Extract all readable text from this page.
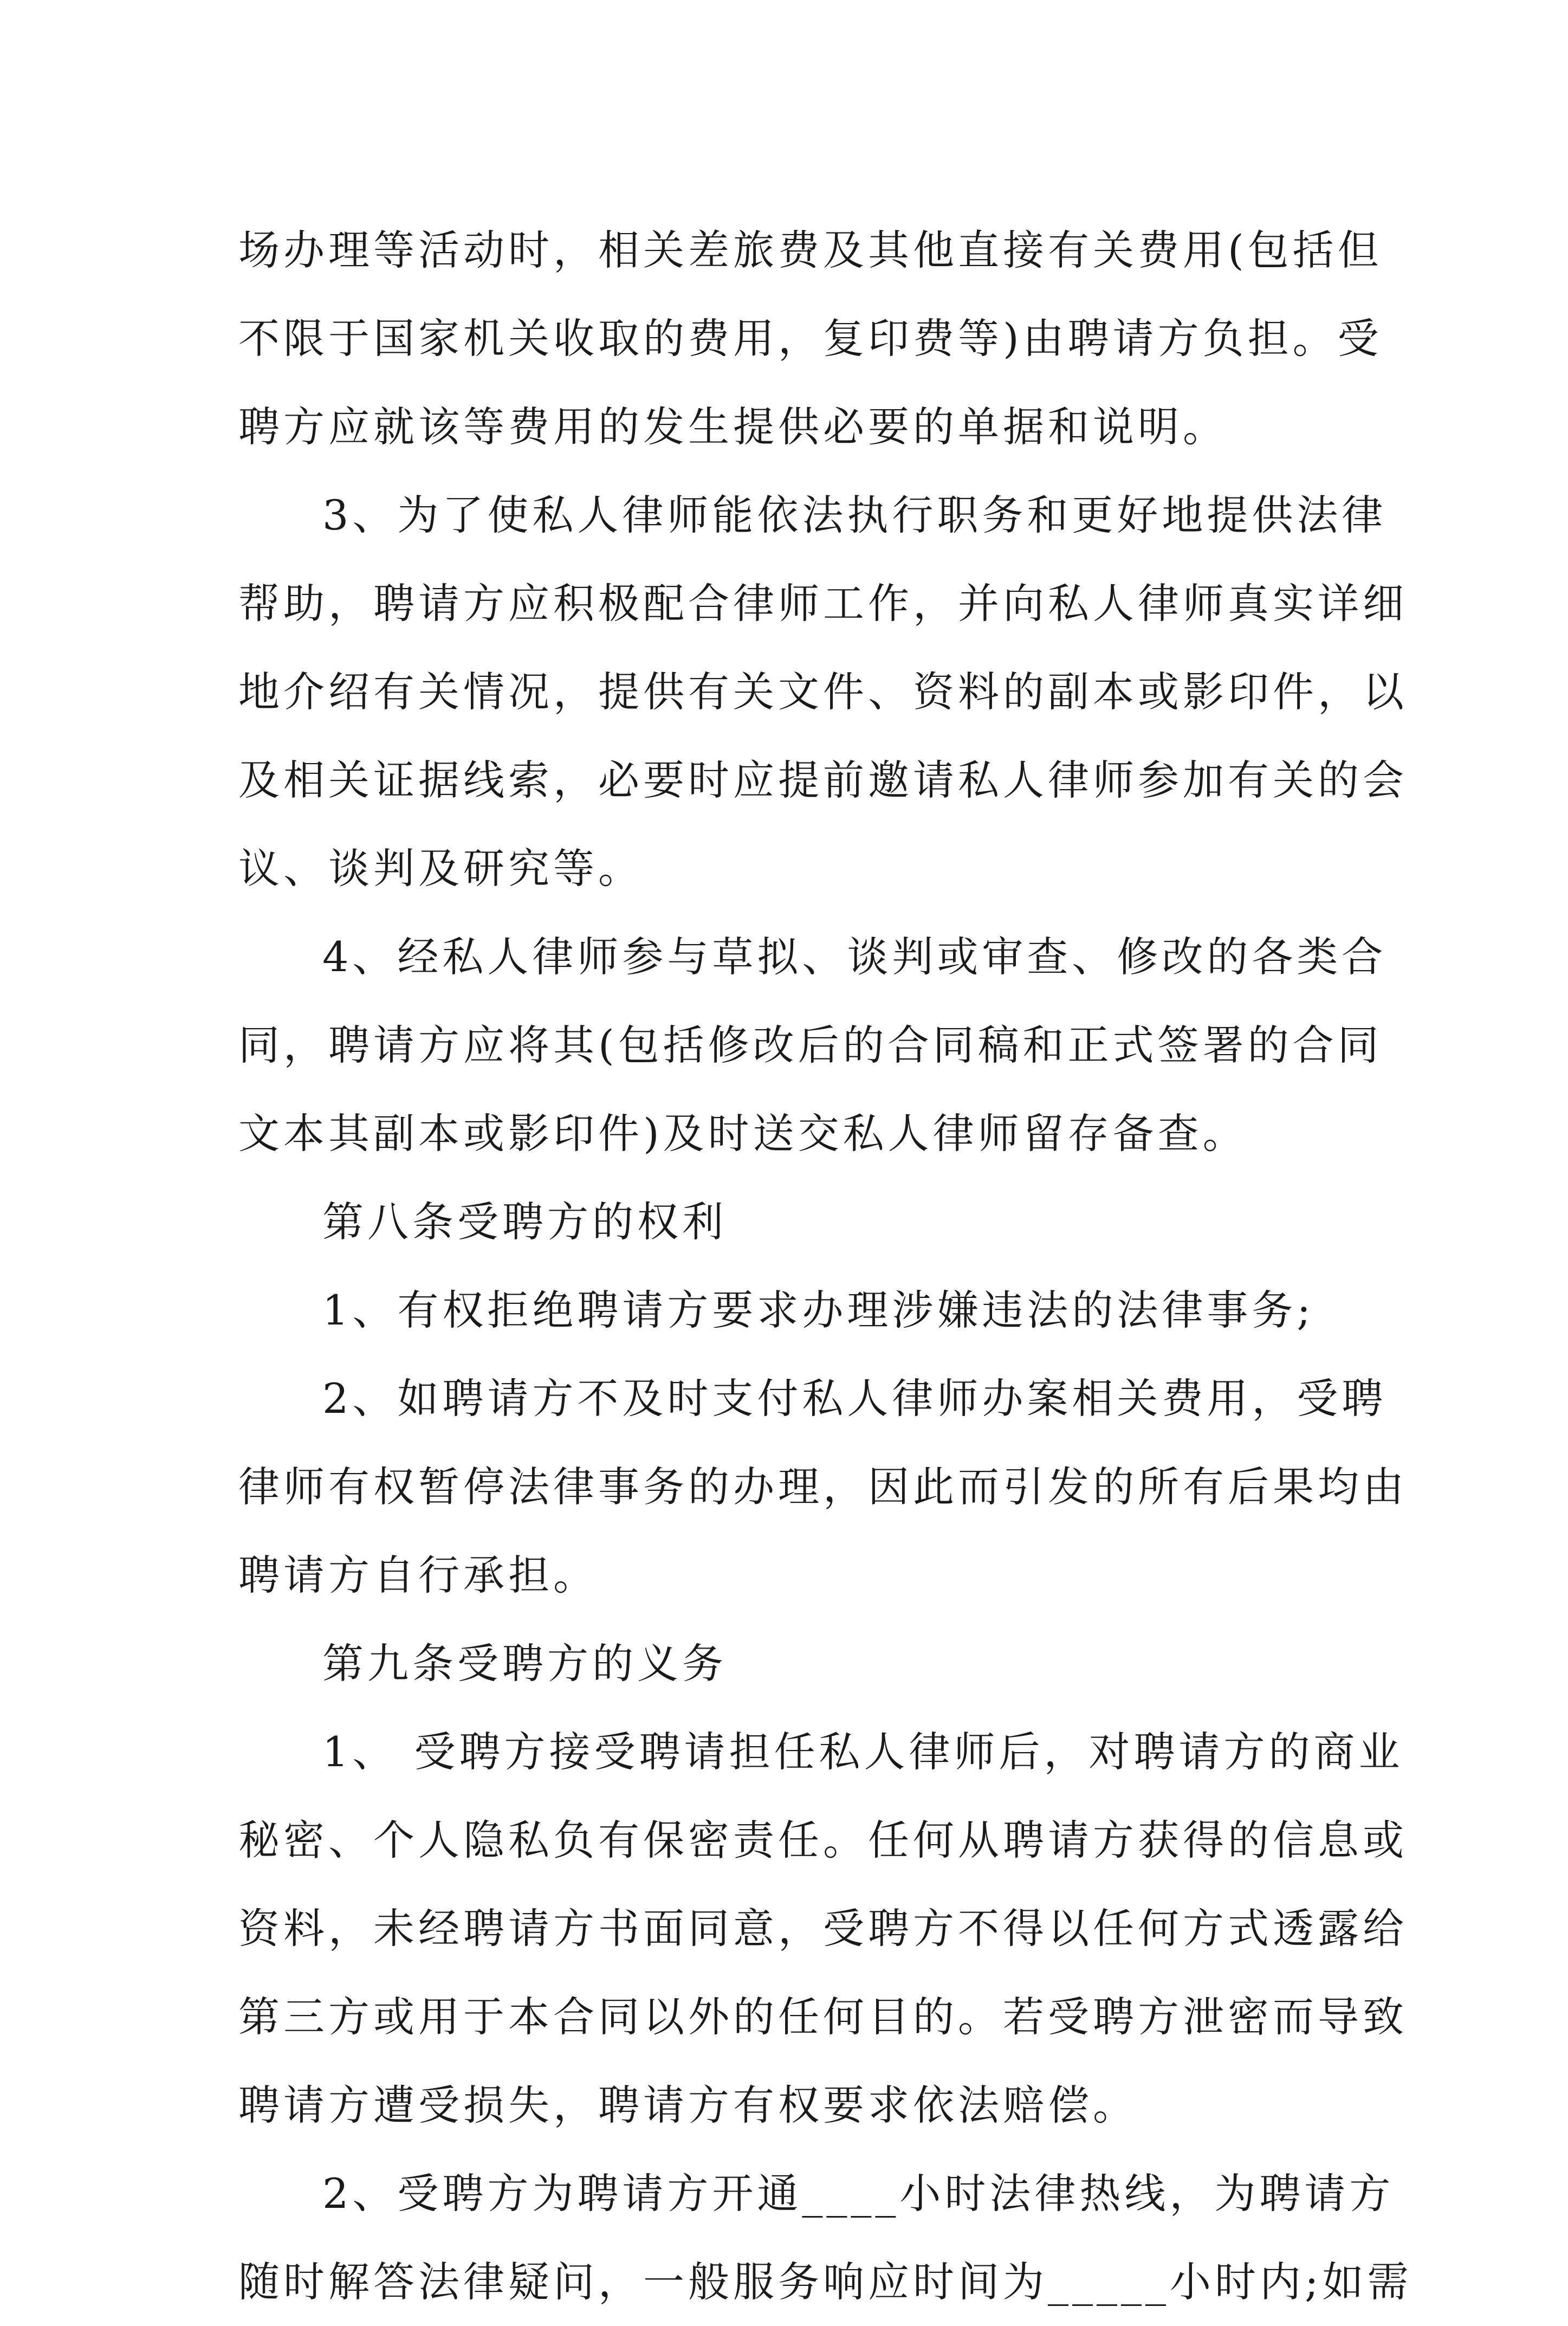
场办理等活动时，相关差旅费及其他直接有关费用(包括但

不限于国家机关收取的费用，复印费等)由聘请方负担。受

聘方应就该等费用的发生提供必要的单据和说明。

3、为了使私人律师能依法执行职务和更好地提供法律

帮助，聘请方应积极配合律师工作，并向私人律师真实详细

地介绍有关情况，提供有关文件、资料的副本或影印件，以

及相关证据线索，必要时应提前邀请私人律师参加有关的会

议、谈判及研究等。

4、经私人律师参与草拟、谈判或审查、修改的各类合

同，聘请方应将其(包括修改后的合同稿和正式签署的合同

文本其副本或影印件)及时送交私人律师留存备查。

第八条受聘方的权利

1、有权拒绝聘请方要求办理涉嫌违法的法律事务;

2、如聘请方不及时支付私人律师办案相关费用，受聘

律师有权暂停法律事务的办理，因此而引发的所有后果均由

聘请方自行承担。

第九条受聘方的义务

1、 受聘方接受聘请担任私人律师后，对聘请方的商业

秘密、个人隐私负有保密责任。任何从聘请方获得的信息或

资料，未经聘请方书面同意，受聘方不得以任何方式透露给

第三方或用于本合同以外的任何目的。若受聘方泄密而导致

聘请方遭受损失，聘请方有权要求依法赔偿。

2、受聘方为聘请方开通____小时法律热线，为聘请方

随时解答法律疑问，一般服务响应时间为_____小时内;如需
